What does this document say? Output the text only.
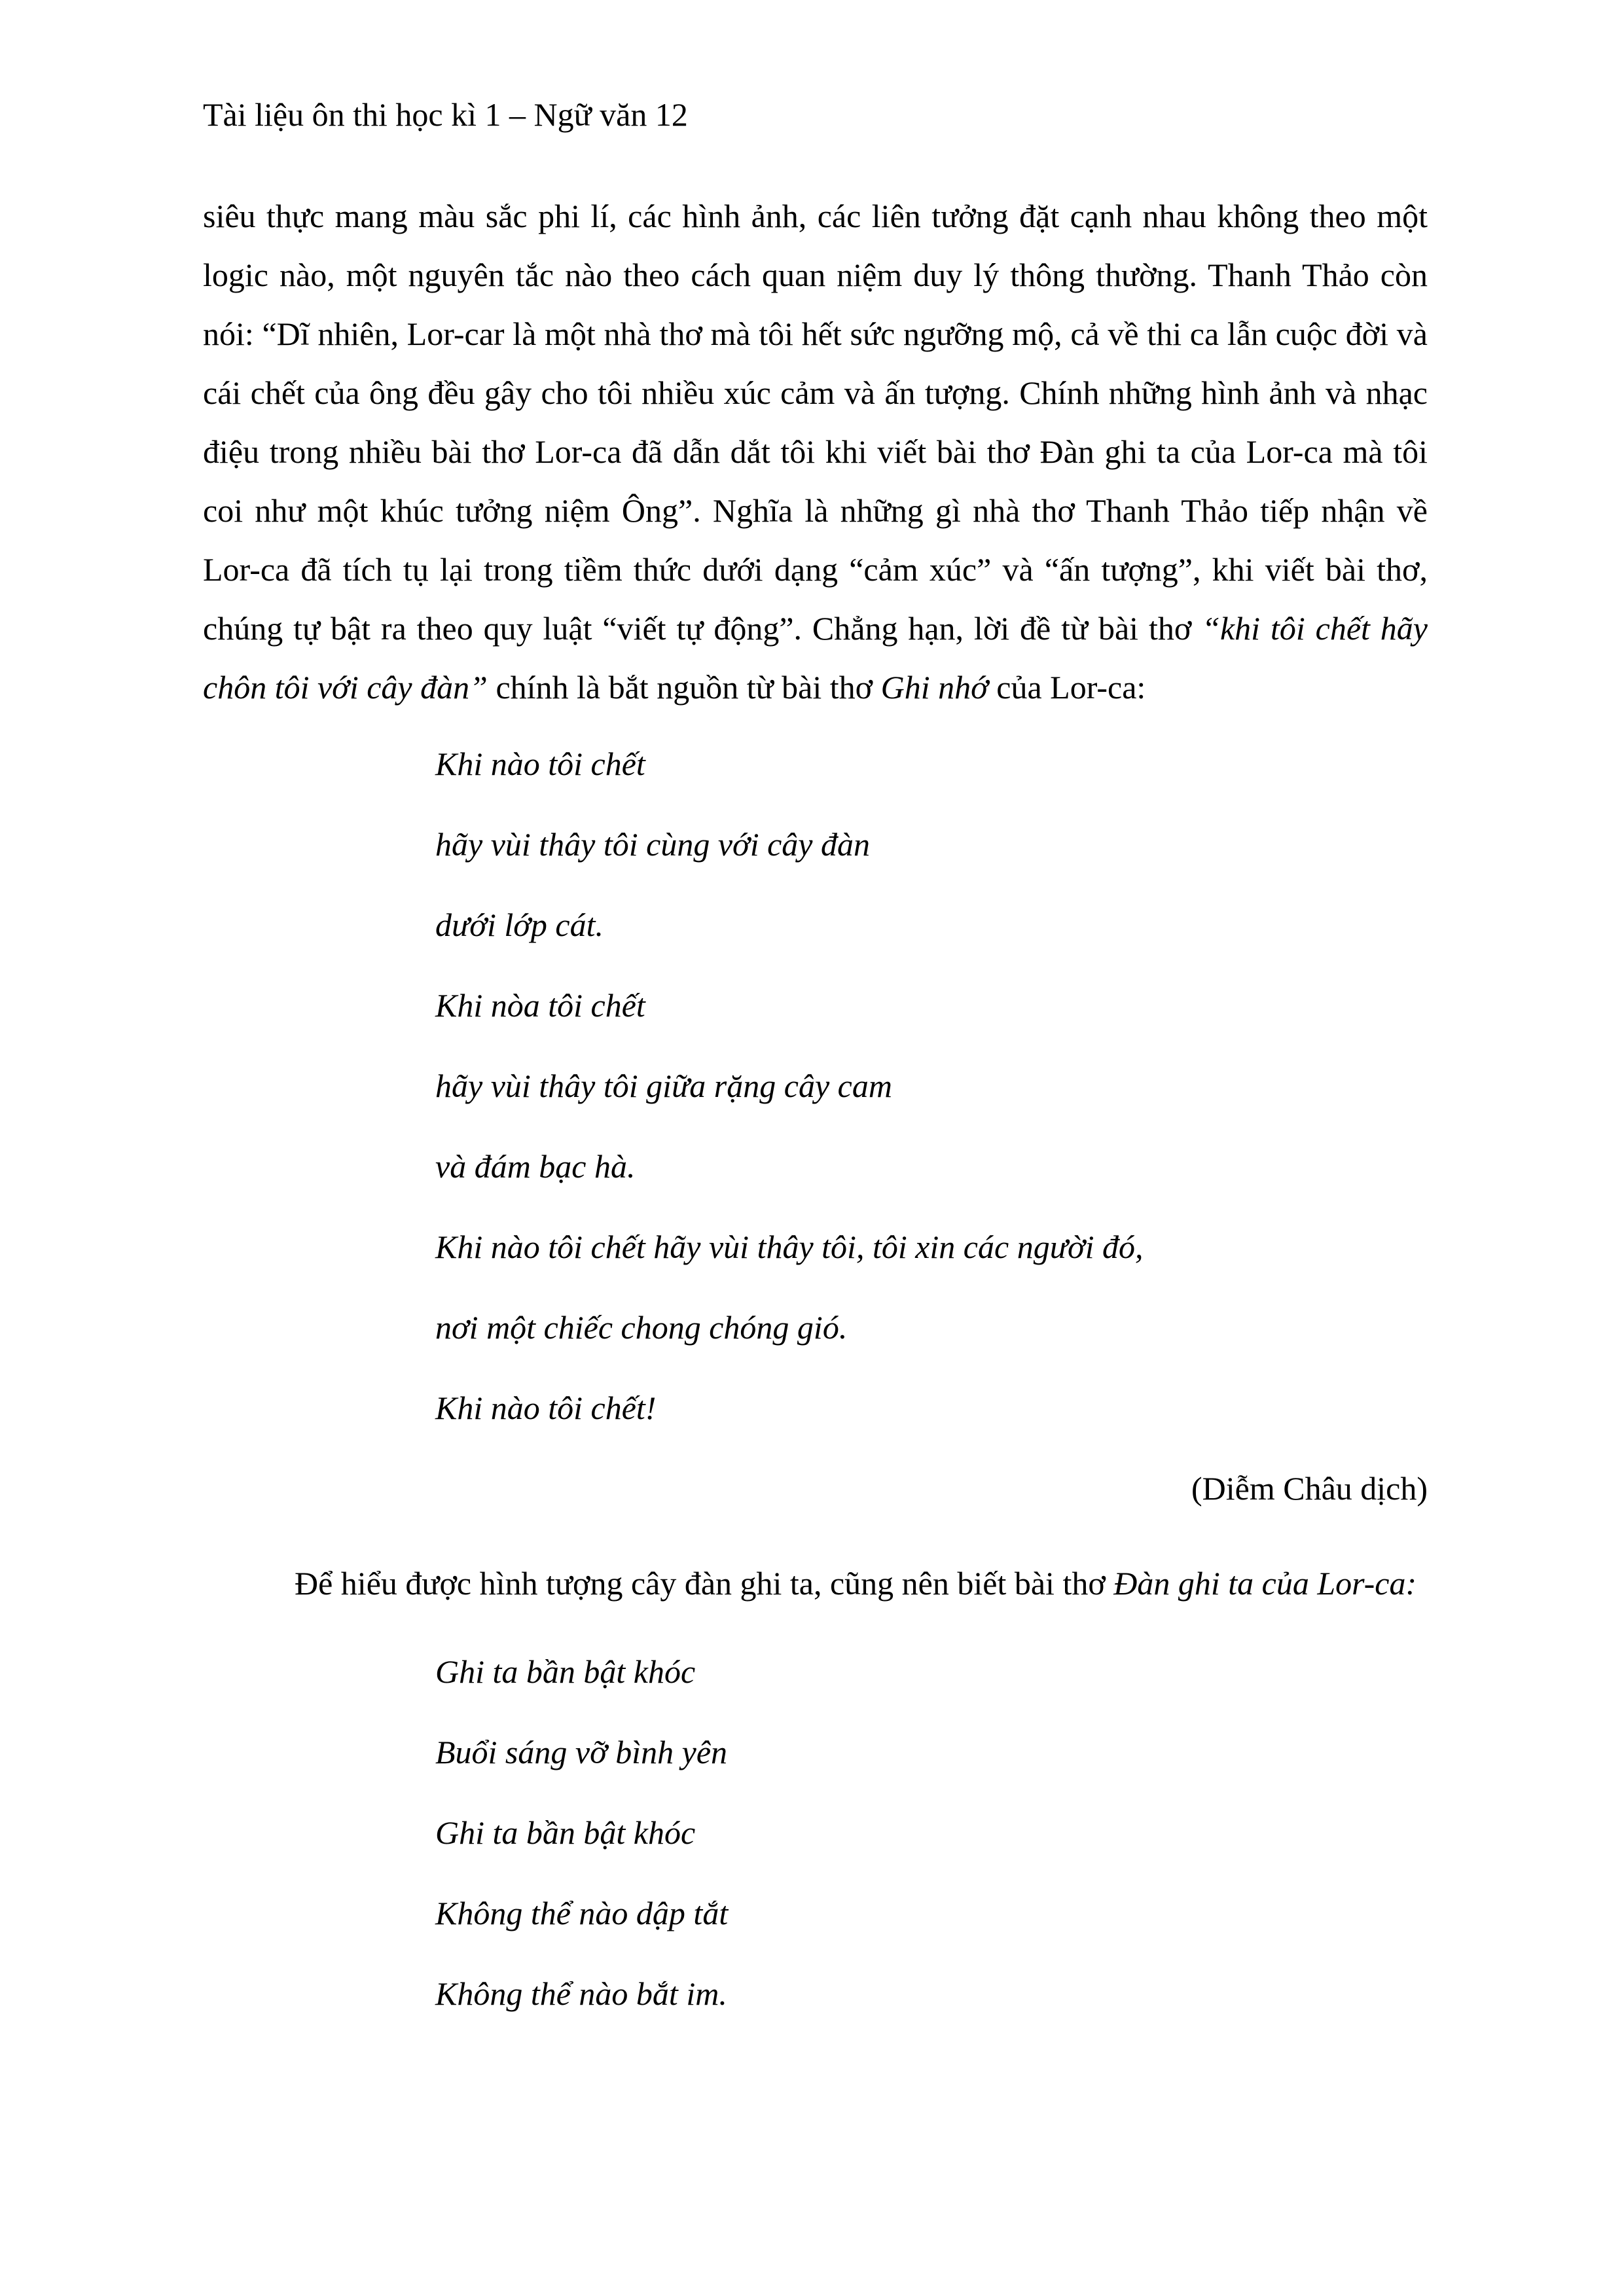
Tài liệu ôn thi học kì 1 – Ngữ văn 12

siêu thực mang màu sắc phi lí, các hình ảnh, các liên tưởng đặt cạnh nhau không theo một logic nào, một nguyên tắc nào theo cách quan niệm duy lý thông thường. Thanh Thảo còn nói: “Dĩ nhiên, Lor-car là một nhà thơ mà tôi hết sức ngưỡng mộ, cả về thi ca lẫn cuộc đời và cái chết của ông đều gây cho tôi nhiều xúc cảm và ấn tượng. Chính những hình ảnh và nhạc điệu trong nhiều bài thơ Lor-ca đã dẫn dắt tôi khi viết bài thơ Đàn ghi ta của Lor-ca mà tôi coi như một khúc tưởng niệm Ông”. Nghĩa là những gì nhà thơ Thanh Thảo tiếp nhận về Lor-ca đã tích tụ lại trong tiềm thức dưới dạng “cảm xúc” và “ấn tượng”, khi viết bài thơ, chúng tự bật ra theo quy luật “viết tự động”. Chẳng hạn, lời đề từ bài thơ “khi tôi chết hãy chôn tôi với cây đàn” chính là bắt nguồn từ bài thơ Ghi nhớ của Lor-ca:

Khi nào tôi chết
hãy vùi thây tôi cùng với cây đàn
dưới lớp cát.
Khi nòa tôi chết
hãy vùi thây tôi giữa rặng cây cam
và đám bạc hà.
Khi nào tôi chết hãy vùi thây tôi, tôi xin các người đó,
nơi một chiếc chong chóng gió.
Khi nào tôi chết!
(Diễm Châu dịch)

Để hiểu được hình tượng cây đàn ghi ta, cũng nên biết bài thơ Đàn ghi ta của Lor-ca:

Ghi ta bần bật khóc
Buổi sáng vỡ bình yên
Ghi ta bần bật khóc
Không thể nào dập tắt
Không thể nào bắt im.
